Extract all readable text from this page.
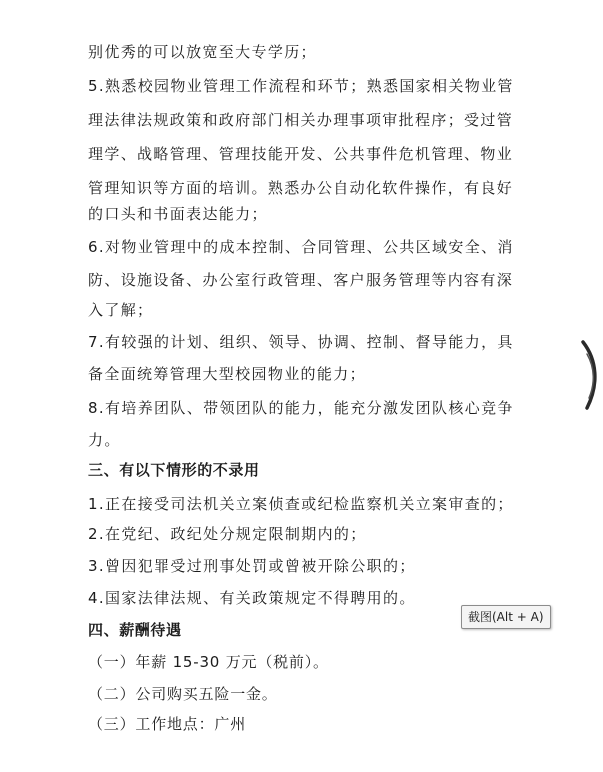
别优秀的可以放宽至大专学历；
5.熟悉校园物业管理工作流程和环节；熟悉国家相关物业管
理法律法规政策和政府部门相关办理事项审批程序；受过管
理学、战略管理、管理技能开发、公共事件危机管理、物业
管理知识等方面的培训。熟悉办公自动化软件操作，有良好
的口头和书面表达能力；
6.对物业管理中的成本控制、合同管理、公共区域安全、消
防、设施设备、办公室行政管理、客户服务管理等内容有深
入了解；
7.有较强的计划、组织、领导、协调、控制、督导能力，具
备全面统筹管理大型校园物业的能力；
8.有培养团队、带领团队的能力，能充分激发团队核心竞争
力。
三、有以下情形的不录用
1.正在接受司法机关立案侦查或纪检监察机关立案审查的；
2.在党纪、政纪处分规定限制期内的；
3.曾因犯罪受过刑事处罚或曾被开除公职的；
4.国家法律法规、有关政策规定不得聘用的。
四、薪酬待遇
（一）年薪 15-30 万元（税前）。
（二）公司购买五险一金。
（三）工作地点：广州
截图(Alt + A)
